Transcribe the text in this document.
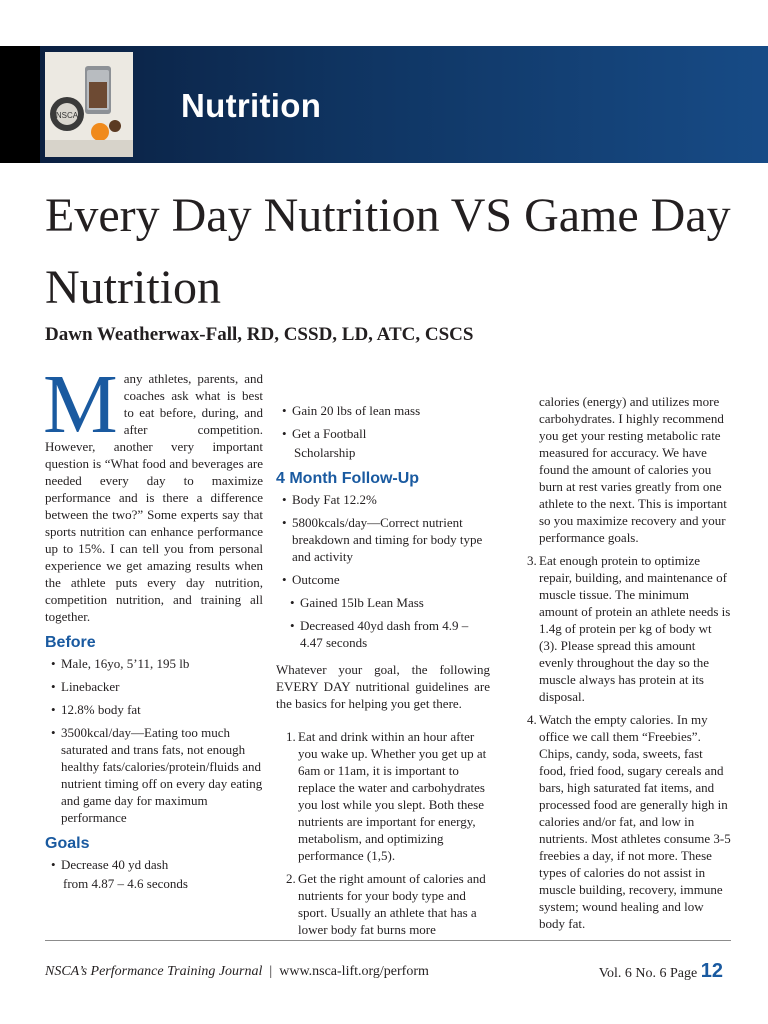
NSCA	Nutrition
Every Day Nutrition VS Game Day Nutrition
Dawn Weatherwax-Fall, RD, CSSD, LD, ATC, CSCS

Many athletes, parents, and coaches ask what is best to eat before, during, and after competition. However, another very important question is “What food and beverages are needed every day to maximize performance and is there a difference between the two?” Some experts say that sports nutrition can enhance performance up to 15%. I can tell you from personal experience we get amazing results when the athlete puts every day nutrition, competition nutrition, and training all together.

Before
• Male, 16yo, 5’11, 195 lb
• Linebacker
• 12.8% body fat
• 3500kcal/day—Eating too much saturated and trans fats, not enough healthy fats/calories/protein/fluids and nutrient timing off on every day eating and game day for maximum performance
Goals
• Decrease 40 yd dash
from 4.87 – 4.6 seconds
• Gain 20 lbs of lean mass
• Get a Football
Scholarship
4 Month Follow-Up
• Body Fat 12.2%
• 5800kcals/day—Correct nutrient breakdown and timing for body type and activity
• Outcome
• Gained 15lb Lean Mass
• Decreased 40yd dash from 4.9 – 4.47 seconds

Whatever your goal, the following EVERY DAY nutritional guidelines are the basics for helping you get there.

1. Eat and drink within an hour after you wake up. Whether you get up at 6am or 11am, it is important to replace the water and carbohydrates you lost while you slept. Both these nutrients are important for energy, metabolism, and optimizing performance (1,5).
2. Get the right amount of calories and nutrients for your body type and sport. Usually an athlete that has a lower body fat burns more
calories (energy) and utilizes more carbohydrates. I highly recommend you get your resting metabolic rate measured for accuracy. We have found the amount of calories you burn at rest varies greatly from one athlete to the next. This is important so you maximize recovery and your performance goals.
3. Eat enough protein to optimize repair, building, and maintenance of muscle tissue. The minimum amount of protein an athlete needs is 1.4g of protein per kg of body wt (3). Please spread this amount evenly throughout the day so the muscle always has protein at its disposal.
4. Watch the empty calories. In my office we call them “Freebies”. Chips, candy, soda, sweets, fast food, fried food, sugary cereals and bars, high saturated fat items, and processed food are generally high in calories and/or fat, and low in nutrients. Most athletes consume 3-5 freebies a day, if not more. These types of calories do not assist in muscle building, recovery, immune system; wound healing and low body fat.
NSCA’s Performance Training Journal | www.nsca-lift.org/perform	Vol. 6 No. 6 Page 12
